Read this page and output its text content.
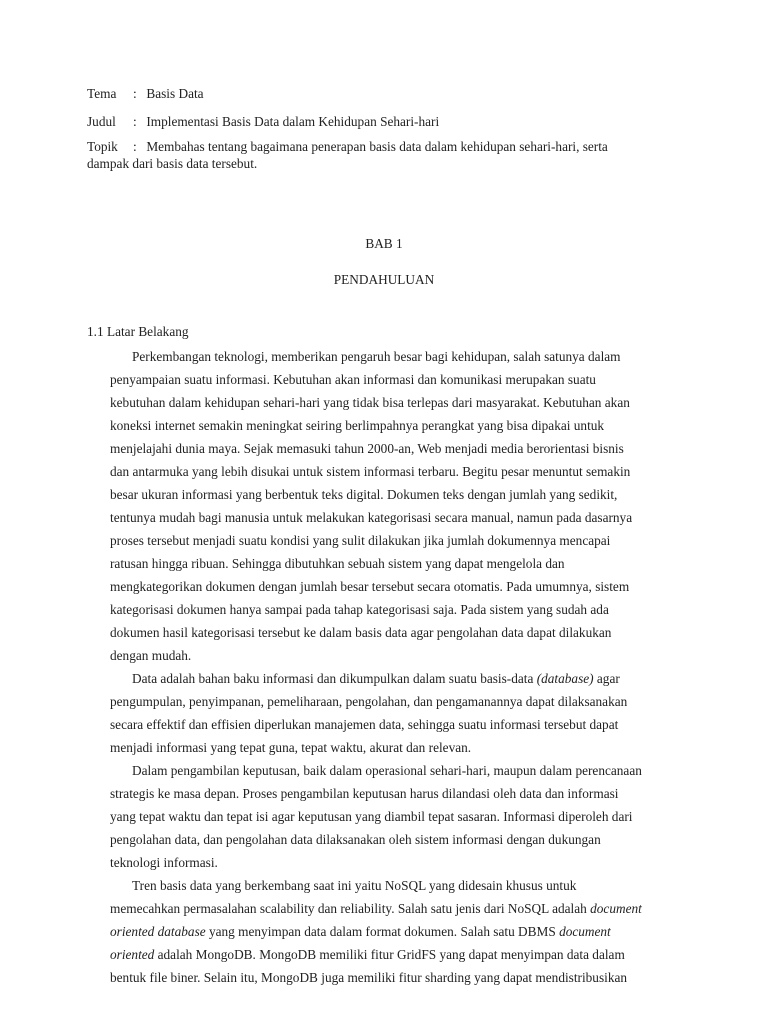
Tema : Basis Data
Judul : Implementasi Basis Data dalam Kehidupan Sehari-hari
Topik : Membahas tentang bagaimana penerapan basis data dalam kehidupan sehari-hari, serta
dampak dari basis data tersebut.
BAB 1
PENDAHULUAN
1.1 Latar Belakang

Perkembangan teknologi, memberikan pengaruh besar bagi kehidupan, salah satunya dalam
penyampaian suatu informasi. Kebutuhan akan informasi dan komunikasi merupakan suatu
kebutuhan dalam kehidupan sehari-hari yang tidak bisa terlepas dari masyarakat. Kebutuhan akan
koneksi internet semakin meningkat seiring berlimpahnya perangkat yang bisa dipakai untuk
menjelajahi dunia maya. Sejak memasuki tahun 2000-an, Web menjadi media berorientasi bisnis
dan antarmuka yang lebih disukai untuk sistem informasi terbaru. Begitu pesar menuntut semakin
besar ukuran informasi yang berbentuk teks digital. Dokumen teks dengan jumlah yang sedikit,
tentunya mudah bagi manusia untuk melakukan kategorisasi secara manual, namun pada dasarnya
proses tersebut menjadi suatu kondisi yang sulit dilakukan jika jumlah dokumennya mencapai
ratusan hingga ribuan. Sehingga dibutuhkan sebuah sistem yang dapat mengelola dan
mengkategorikan dokumen dengan jumlah besar tersebut secara otomatis. Pada umumnya, sistem
kategorisasi dokumen hanya sampai pada tahap kategorisasi saja. Pada sistem yang sudah ada
dokumen hasil kategorisasi tersebut ke dalam basis data agar pengolahan data dapat dilakukan
dengan mudah.

Data adalah bahan baku informasi dan dikumpulkan dalam suatu basis-data (database) agar
pengumpulan, penyimpanan, pemeliharaan, pengolahan, dan pengamanannya dapat dilaksanakan
secara effektif dan effisien diperlukan manajemen data, sehingga suatu informasi tersebut dapat
menjadi informasi yang tepat guna, tepat waktu, akurat dan relevan.

Dalam pengambilan keputusan, baik dalam operasional sehari-hari, maupun dalam perencanaan
strategis ke masa depan. Proses pengambilan keputusan harus dilandasi oleh data dan informasi
yang tepat waktu dan tepat isi agar keputusan yang diambil tepat sasaran. Informasi diperoleh dari
pengolahan data, dan pengolahan data dilaksanakan oleh sistem informasi dengan dukungan
teknologi informasi.

Tren basis data yang berkembang saat ini yaitu NoSQL yang didesain khusus untuk
memecahkan permasalahan scalability dan reliability. Salah satu jenis dari NoSQL adalah document
oriented database yang menyimpan data dalam format dokumen. Salah satu DBMS document
oriented adalah MongoDB. MongoDB memiliki fitur GridFS yang dapat menyimpan data dalam
bentuk file biner. Selain itu, MongoDB juga memiliki fitur sharding yang dapat mendistribusikan
